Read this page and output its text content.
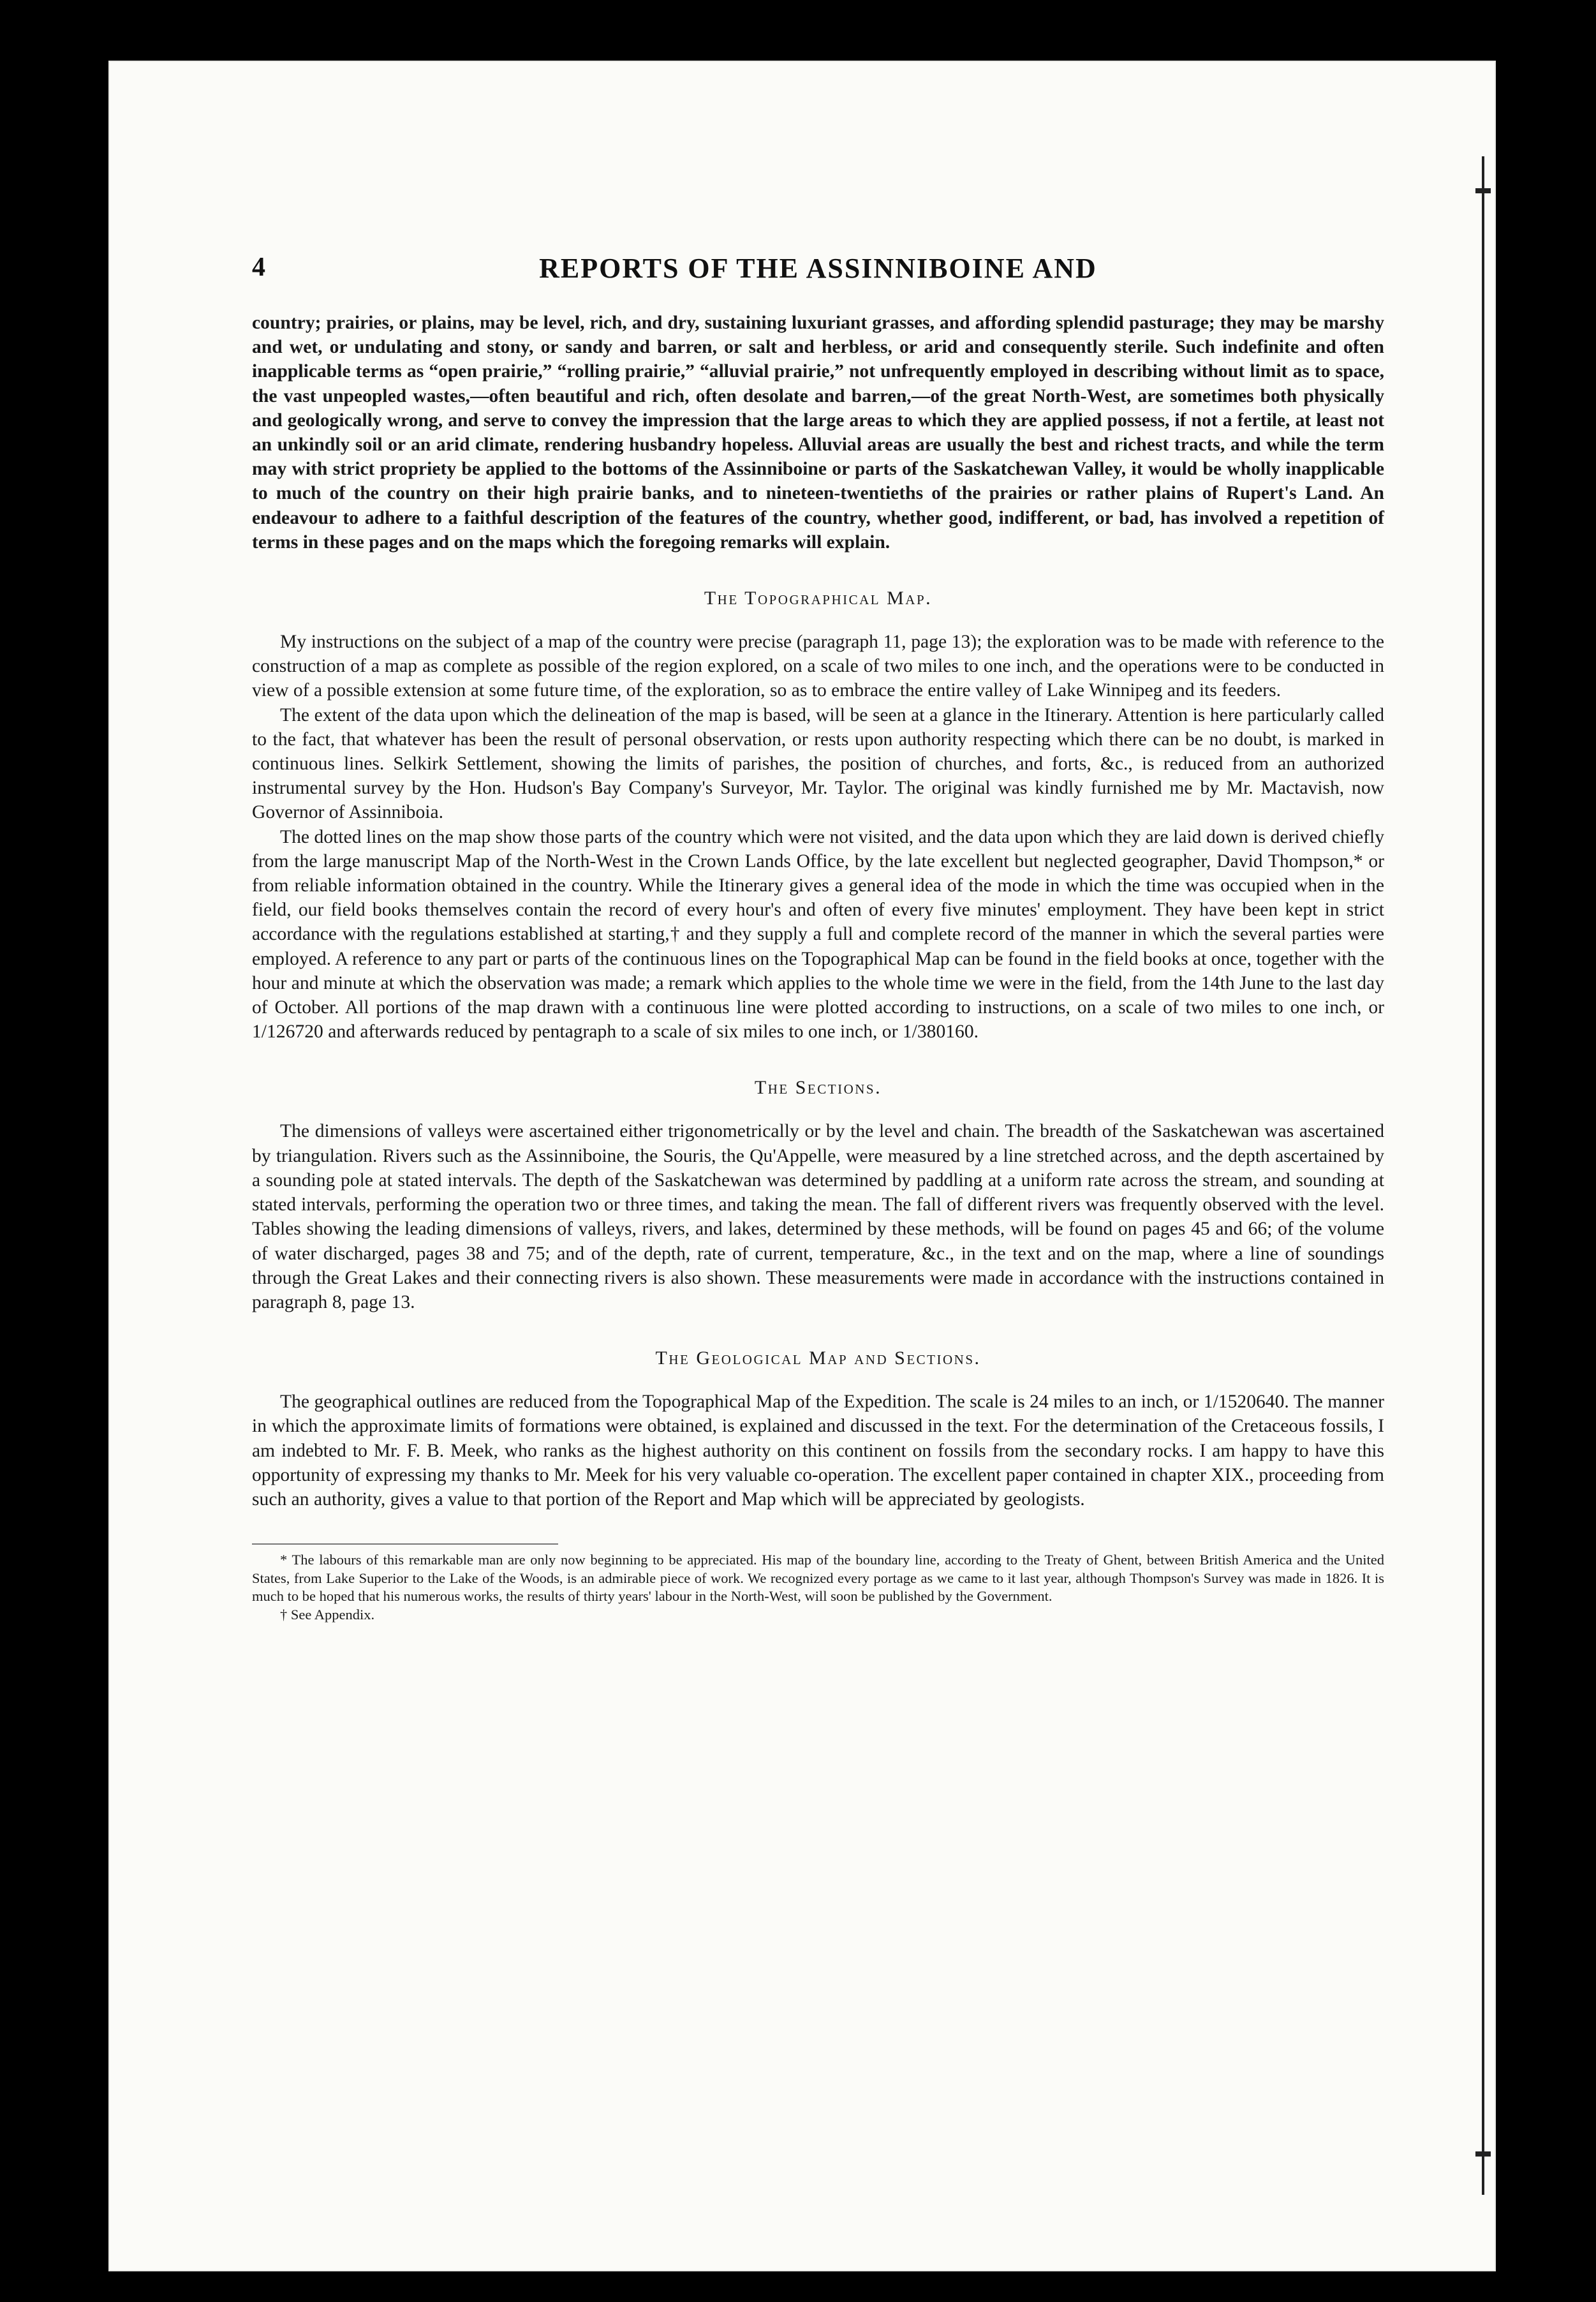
4	REPORTS OF THE ASSINNIBOINE AND

country; prairies, or plains, may be level, rich, and dry, sustaining luxuriant grasses, and affording splendid pasturage; they may be marshy and wet, or undulating and stony, or sandy and barren, or salt and herbless, or arid and consequently sterile. Such indefinite and often inapplicable terms as “open prairie,” “rolling prairie,” “alluvial prairie,” not unfrequently employed in describing without limit as to space, the vast unpeopled wastes,—often beautiful and rich, often desolate and barren,—of the great North-West, are sometimes both physically and geologically wrong, and serve to convey the impression that the large areas to which they are applied possess, if not a fertile, at least not an unkindly soil or an arid climate, rendering husbandry hopeless. Alluvial areas are usually the best and richest tracts, and while the term may with strict propriety be applied to the bottoms of the Assinniboine or parts of the Saskatchewan Valley, it would be wholly inapplicable to much of the country on their high prairie banks, and to nineteen-twentieths of the prairies or rather plains of Rupert's Land. An endeavour to adhere to a faithful description of the features of the country, whether good, indifferent, or bad, has involved a repetition of terms in these pages and on the maps which the foregoing remarks will explain.

The Topographical Map.

My instructions on the subject of a map of the country were precise (paragraph 11, page 13); the exploration was to be made with reference to the construction of a map as complete as possible of the region explored, on a scale of two miles to one inch, and the operations were to be conducted in view of a possible extension at some future time, of the exploration, so as to embrace the entire valley of Lake Winnipeg and its feeders.

The extent of the data upon which the delineation of the map is based, will be seen at a glance in the Itinerary. Attention is here particularly called to the fact, that whatever has been the result of personal observation, or rests upon authority respecting which there can be no doubt, is marked in continuous lines. Selkirk Settlement, showing the limits of parishes, the position of churches, and forts, &c., is reduced from an authorized instrumental survey by the Hon. Hudson's Bay Company's Surveyor, Mr. Taylor. The original was kindly furnished me by Mr. Mactavish, now Governor of Assinniboia.

The dotted lines on the map show those parts of the country which were not visited, and the data upon which they are laid down is derived chiefly from the large manuscript Map of the North-West in the Crown Lands Office, by the late excellent but neglected geographer, David Thompson,* or from reliable information obtained in the country. While the Itinerary gives a general idea of the mode in which the time was occupied when in the field, our field books themselves contain the record of every hour's and often of every five minutes' employment. They have been kept in strict accordance with the regulations established at starting,† and they supply a full and complete record of the manner in which the several parties were employed. A reference to any part or parts of the continuous lines on the Topographical Map can be found in the field books at once, together with the hour and minute at which the observation was made; a remark which applies to the whole time we were in the field, from the 14th June to the last day of October. All portions of the map drawn with a continuous line were plotted according to instructions, on a scale of two miles to one inch, or 1/126720 and afterwards reduced by pentagraph to a scale of six miles to one inch, or 1/380160.

The Sections.

The dimensions of valleys were ascertained either trigonometrically or by the level and chain. The breadth of the Saskatchewan was ascertained by triangulation. Rivers such as the Assinniboine, the Souris, the Qu'Appelle, were measured by a line stretched across, and the depth ascertained by a sounding pole at stated intervals. The depth of the Saskatchewan was determined by paddling at a uniform rate across the stream, and sounding at stated intervals, performing the operation two or three times, and taking the mean. The fall of different rivers was frequently observed with the level. Tables showing the leading dimensions of valleys, rivers, and lakes, determined by these methods, will be found on pages 45 and 66; of the volume of water discharged, pages 38 and 75; and of the depth, rate of current, temperature, &c., in the text and on the map, where a line of soundings through the Great Lakes and their connecting rivers is also shown. These measurements were made in accordance with the instructions contained in paragraph 8, page 13.

The Geological Map and Sections.

The geographical outlines are reduced from the Topographical Map of the Expedition. The scale is 24 miles to an inch, or 1/1520640. The manner in which the approximate limits of formations were obtained, is explained and discussed in the text. For the determination of the Cretaceous fossils, I am indebted to Mr. F. B. Meek, who ranks as the highest authority on this continent on fossils from the secondary rocks. I am happy to have this opportunity of expressing my thanks to Mr. Meek for his very valuable co-operation. The excellent paper contained in chapter XIX., proceeding from such an authority, gives a value to that portion of the Report and Map which will be appreciated by geologists.

* The labours of this remarkable man are only now beginning to be appreciated. His map of the boundary line, according to the Treaty of Ghent, between British America and the United States, from Lake Superior to the Lake of the Woods, is an admirable piece of work. We recognized every portage as we came to it last year, although Thompson's Survey was made in 1826. It is much to be hoped that his numerous works, the results of thirty years' labour in the North-West, will soon be published by the Government.

† See Appendix.
